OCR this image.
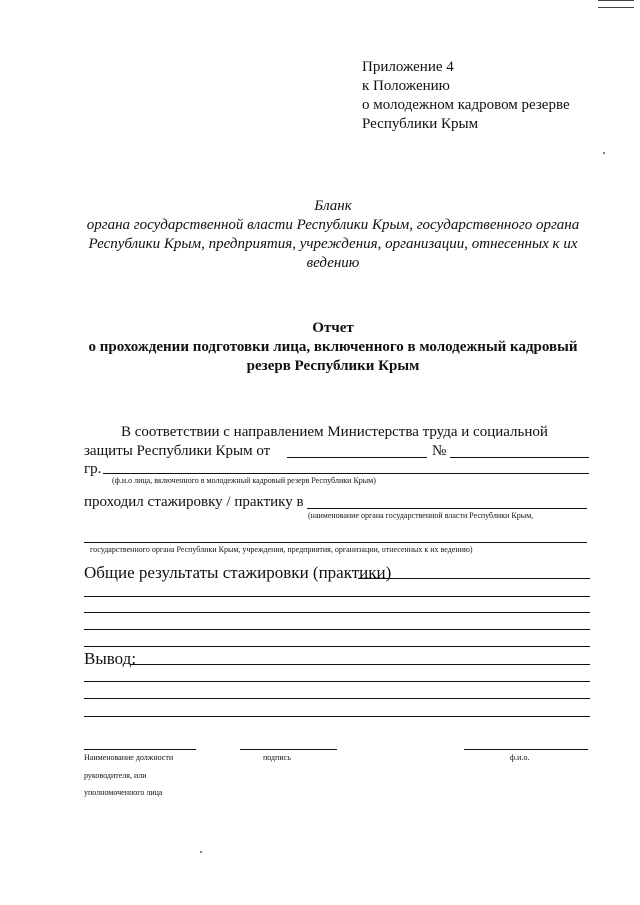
Приложение 4
к Положению
о молодежном кадровом резерве
Республики Крым
Бланк
органа государственной власти Республики Крым, государственного органа
Республики Крым, предприятия, учреждения, организации, отнесенных к их
ведению
Отчет
о прохождении подготовки лица, включенного в молодежный кадровый
резерв Республики Крым
В соответствии с направлением Министерства труда и социальной
защиты Республики Крым от	№
гр.
(ф.и.о лица, включенного в молодежный кадровый резерв Республики Крым)
проходил стажировку / практику в
(наименование органа государственной власти Республики Крым,
государственного органа Республики Крым, учреждения, предприятия, организации, отнесенных к их ведению)
Общие результаты стажировки (практики)
Вывод:
Наименование должности
руководителя, или
уполномоченного лица
подпись	ф.и.о.
